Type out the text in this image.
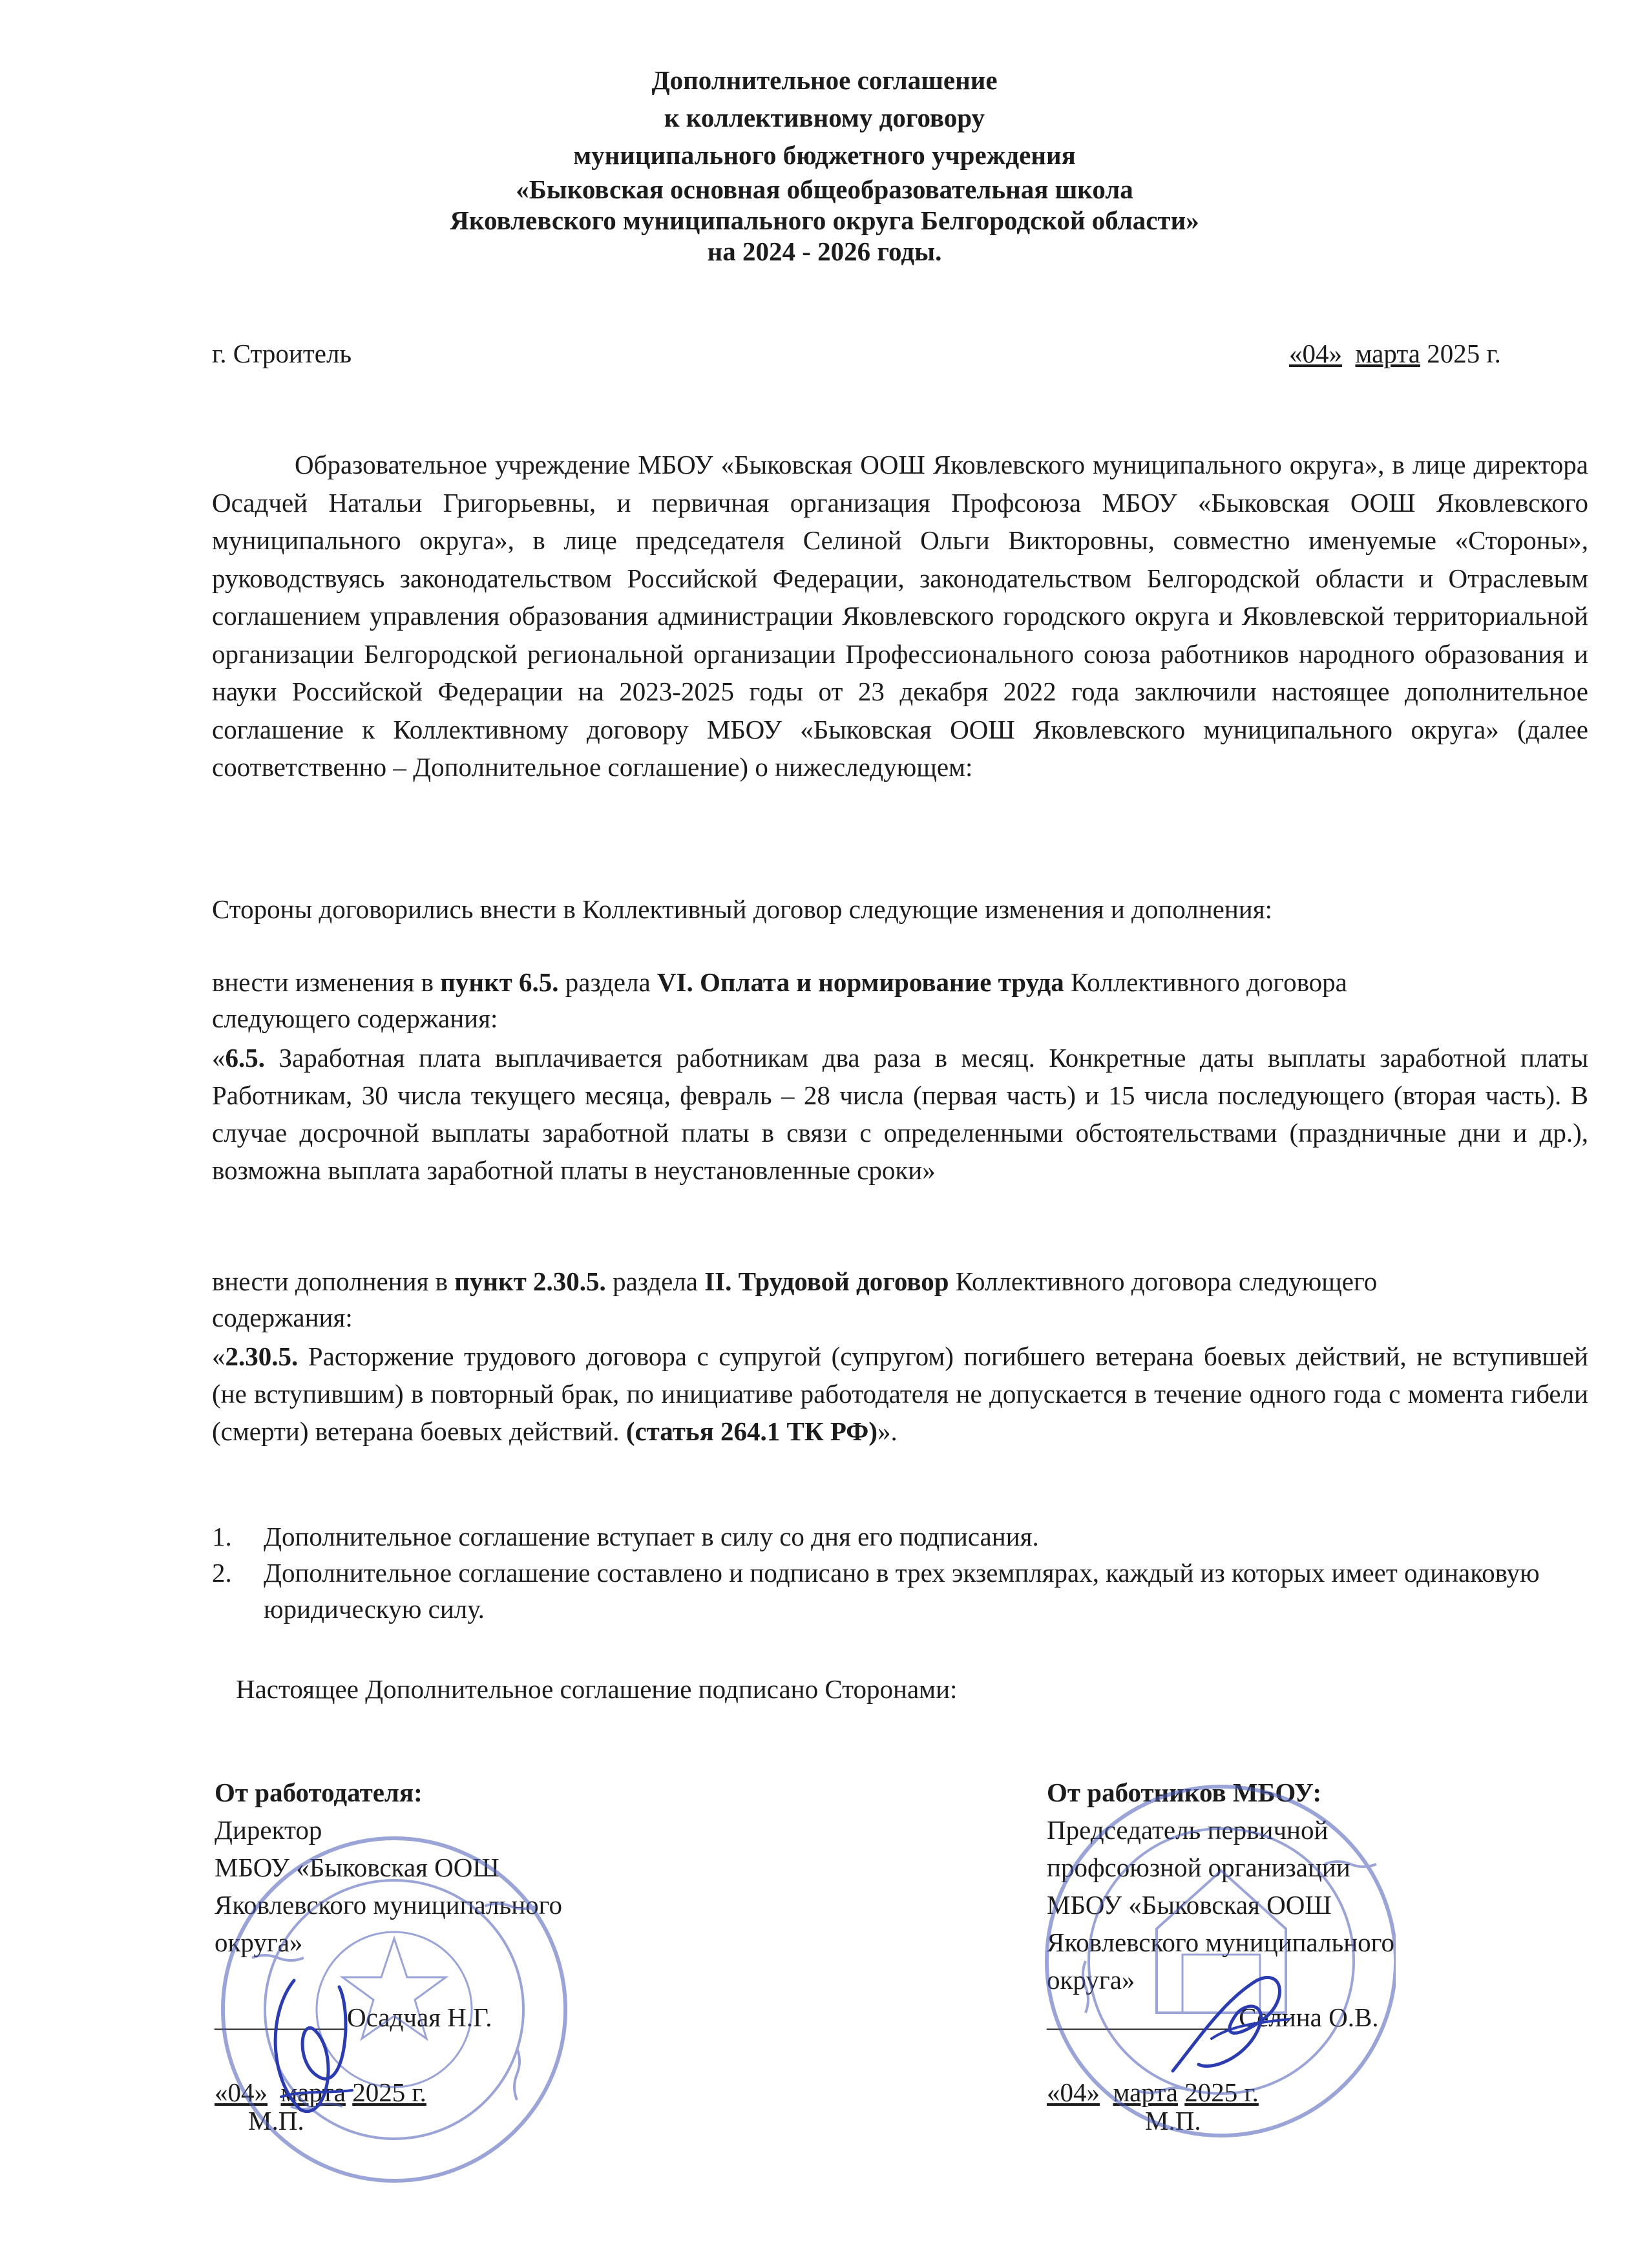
Дополнительное соглашение
к коллективному договору
муниципального бюджетного учреждения
«Быковская основная общеобразовательная школа
Яковлевского муниципального округа Белгородской области»
на 2024 - 2026 годы.
г. Строитель	«04» марта 2025 г.
Образовательное учреждение МБОУ «Быковская ООШ Яковлевского муниципального округа», в лице директора Осадчей Натальи Григорьевны, и первичная организация Профсоюза МБОУ «Быковская ООШ Яковлевского муниципального округа», в лице председателя Селиной Ольги Викторовны, совместно именуемые «Стороны», руководствуясь законодательством Российской Федерации, законодательством Белгородской области и Отраслевым соглашением управления образования администрации Яковлевского городского округа и Яковлевской территориальной организации Белгородской региональной организации Профессионального союза работников народного образования и науки Российской Федерации на 2023-2025 годы от 23 декабря 2022 года заключили настоящее дополнительное соглашение к Коллективному договору МБОУ «Быковская ООШ Яковлевского муниципального округа» (далее соответственно – Дополнительное соглашение) о нижеследующем:
Стороны договорились внести в Коллективный договор следующие изменения и дополнения:
внести изменения в пункт 6.5. раздела VI. Оплата и нормирование труда Коллективного договора следующего содержания:
«6.5. Заработная плата выплачивается работникам два раза в месяц. Конкретные даты выплаты заработной платы Работникам, 30 числа текущего месяца, февраль – 28 числа (первая часть) и 15 числа последующего (вторая часть). В случае досрочной выплаты заработной платы в связи с определенными обстоятельствами (праздничные дни и др.), возможна выплата заработной платы в неустановленные сроки»
внести дополнения в пункт 2.30.5. раздела II. Трудовой договор Коллективного договора следующего содержания:
«2.30.5. Расторжение трудового договора с супругой (супругом) погибшего ветерана боевых действий, не вступившей (не вступившим) в повторный брак, по инициативе работодателя не допускается в течение одного года с момента гибели (смерти) ветерана боевых действий. (статья 264.1 ТК РФ)».
1. Дополнительное соглашение вступает в силу со дня его подписания.
2. Дополнительное соглашение составлено и подписано в трех экземплярах, каждый из которых имеет одинаковую юридическую силу.
Настоящее Дополнительное соглашение подписано Сторонами:
От работодателя:
Директор
МБОУ «Быковская ООШ
Яковлевского муниципального
округа»
__________Осадчая Н.Г.
«04» марта 2025 г.
М.П.
От работников МБОУ:
Председатель первичной
профсоюзной организации
МБОУ «Быковская ООШ
Яковлевского муниципального
округа»
______________ Селина О.В.
«04» марта 2025 г.
М.П.
